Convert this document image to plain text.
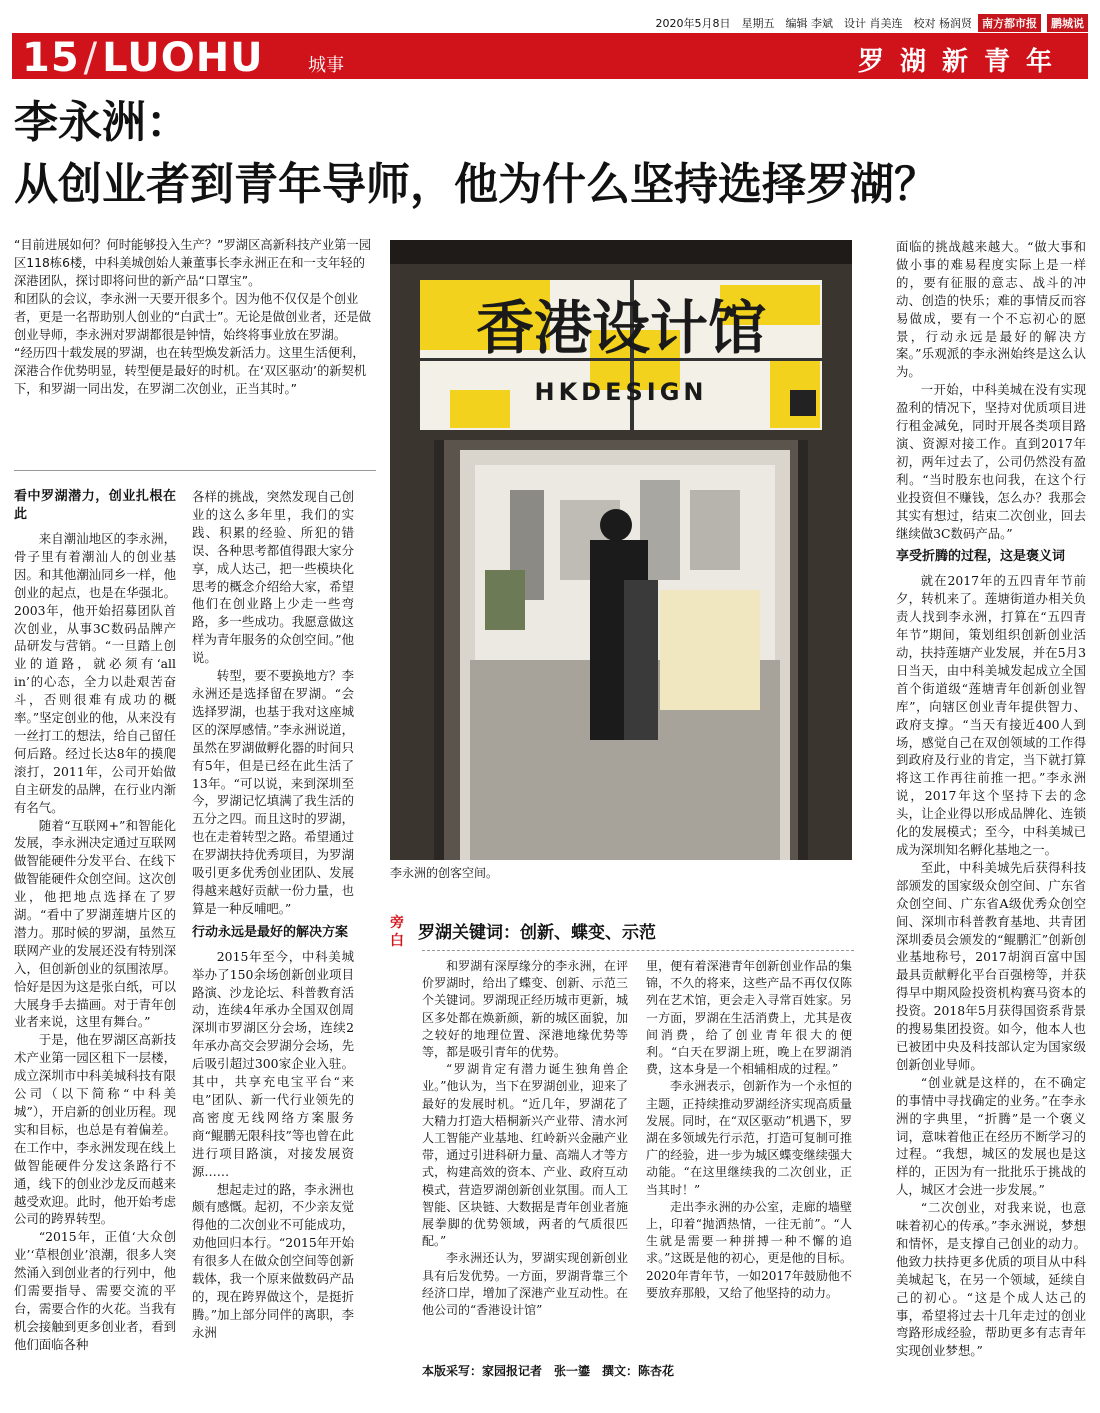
2020年5月8日　星期五　编辑 李斌　设计 肖美连　校对 杨润贤 南方都市报	鹏城说
15 / LUOHU 城事	罗湖新青年
李永洲：
从创业者到青年导师，他为什么坚持选择罗湖？

“目前进展如何？何时能够投入生产？”罗湖区高新科技产业第一园区118栋6楼，中科美城创始人兼董事长李永洲正在和一支年轻的深港团队，探讨即将问世的新产品“口罩宝”。

和团队的会议，李永洲一天要开很多个。因为他不仅仅是个创业者，更是一名帮助别人创业的“白武士”。无论是做创业者，还是做创业导师，李永洲对罗湖都很是钟情，始终将事业放在罗湖。

“经历四十载发展的罗湖，也在转型焕发新活力。这里生活便利，深港合作优势明显，转型便是最好的时机。在‘双区驱动’的新契机下，和罗湖一同出发，在罗湖二次创业，正当其时。”

看中罗湖潜力，创业扎根在此

来自潮汕地区的李永洲，骨子里有着潮汕人的创业基因。和其他潮汕同乡一样，他创业的起点，也是在华强北。2003年，他开始招募团队首次创业，从事3C数码品牌产品研发与营销。“一旦踏上创业的道路，就必须有‘all in’的心态，全力以赴艰苦奋斗，否则很难有成功的概率。”坚定创业的他，从来没有一丝打工的想法，给自己留任何后路。经过长达8年的摸爬滚打，2011年，公司开始做自主研发的品牌，在行业内渐有名气。

随着“互联网+”和智能化发展，李永洲决定通过互联网做智能硬件分发平台、在线下做智能硬件众创空间。这次创业，他把地点选择在了罗湖。“看中了罗湖莲塘片区的潜力。那时候的罗湖，虽然互联网产业的发展还没有特别深入，但创新创业的氛围浓厚。恰好是因为这是张白纸，可以大展身手去描画。对于青年创业者来说，这里有舞台。”

于是，他在罗湖区高新技术产业第一园区租下一层楼，成立深圳市中科美城科技有限公司（以下简称“中科美城”），开启新的创业历程。现实和目标，也总是有着偏差。在工作中，李永洲发现在线上做智能硬件分发这条路行不通，线下的创业沙龙反而越来越受欢迎。此时，他开始考虑公司的跨界转型。

“2015年，正值‘大众创业’‘草根创业’浪潮，很多人突然涌入到创业者的行列中，他们需要指导、需要交流的平台，需要合作的火花。当我有机会接触到更多创业者，看到他们面临各种

各样的挑战，突然发现自己创业的这么多年里，我们的实践、积累的经验、所犯的错误、各种思考都值得跟大家分享，成人达己，把一些模块化思考的概念介绍给大家，希望他们在创业路上少走一些弯路，多一些成功。我愿意做这样为青年服务的众创空间。”他说。

转型，要不要换地方？李永洲还是选择留在罗湖。“会选择罗湖，也基于我对这座城区的深厚感情。”李永洲说道，虽然在罗湖做孵化器的时间只有5年，但是已经在此生活了13年。“可以说，来到深圳至今，罗湖记忆填满了我生活的五分之四。而且这时的罗湖，也在走着转型之路。希望通过在罗湖扶持优秀项目，为罗湖吸引更多优秀创业团队、发展得越来越好贡献一份力量，也算是一种反哺吧。”

行动永远是最好的解决方案

2015年至今，中科美城举办了150余场创新创业项目路演、沙龙论坛、科普教育活动，连续4年承办全国双创周深圳市罗湖区分会场，连续2年承办高交会罗湖分会场，先后吸引超过300家企业入驻。其中，共享充电宝平台“来电”团队、新一代行业领先的高密度无线网络方案服务商“鲲鹏无限科技”等也曾在此进行项目路演，对接发展资源……

想起走过的路，李永洲也颇有感慨。起初，不少亲友觉得他的二次创业不可能成功，劝他回归本行。“2015年开始有很多人在做众创空间等创新载体，我一个原来做数码产品的，现在跨界做这个，是挺折腾。”加上部分同伴的离职，李永洲

香港设计馆
HKDESIGN
李永洲的创客空间。

面临的挑战越来越大。“做大事和做小事的难易程度实际上是一样的，要有征服的意志、战斗的冲动、创造的快乐；难的事情反而容易做成，要有一个不忘初心的愿景，行动永远是最好的解决方案。”乐观派的李永洲始终是这么认为。

一开始，中科美城在没有实现盈利的情况下，坚持对优质项目进行租金减免，同时开展各类项目路演、资源对接工作。直到2017年初，两年过去了，公司仍然没有盈利。“当时股东也问我，在这个行业投资但不赚钱，怎么办？我那会其实有想过，结束二次创业，回去继续做3C数码产品。”

享受折腾的过程，这是褒义词

就在2017年的五四青年节前夕，转机来了。莲塘街道办相关负责人找到李永洲，打算在“五四青年节”期间，策划组织创新创业活动，扶持莲塘产业发展，并在5月3日当天，由中科美城发起成立全国首个街道级“莲塘青年创新创业智库”，向辖区创业青年提供智力、政府支撑。“当天有接近400人到场，感觉自己在双创领域的工作得到政府及行业的肯定，当下就打算将这工作再往前推一把。”李永洲说，2017年这个坚持下去的念头，让企业得以形成品牌化、连锁化的发展模式；至今，中科美城已成为深圳知名孵化基地之一。

至此，中科美城先后获得科技部颁发的国家级众创空间、广东省众创空间、广东省A级优秀众创空间、深圳市科普教育基地、共青团深圳委员会颁发的“鲲鹏汇”创新创业基地称号，2017胡润百富中国最具贡献孵化平台百强榜等，并获得早中期风险投资机构赛马资本的投资。2018年5月获得国资系背景的搜易集团投资。如今，他本人也已被团中央及科技部认定为国家级创新创业导师。

“创业就是这样的，在不确定的事情中寻找确定的业务。”在李永洲的字典里，“折腾”是一个褒义词，意味着他正在经历不断学习的过程。“我想，城区的发展也是这样的，正因为有一批批乐于挑战的人，城区才会进一步发展。”

“二次创业，对我来说，也意味着初心的传承。”李永洲说，梦想和情怀，是支撑自己创业的动力。他致力扶持更多优质的项目从中科美城起飞，在另一个领域，延续自己的初心。“这是个成人达己的事，希望将过去十几年走过的创业弯路形成经验，帮助更多有志青年实现创业梦想。”

旁白 罗湖关键词：创新、蝶变、示范

和罗湖有深厚缘分的李永洲，在评价罗湖时，给出了蝶变、创新、示范三个关键词。罗湖现正经历城市更新，城区多处都在焕新颜，新的城区面貌，加之较好的地理位置、深港地缘优势等等，都是吸引青年的优势。

“罗湖肯定有潜力诞生独角兽企业。”他认为，当下在罗湖创业，迎来了最好的发展时机。“近几年，罗湖花了大精力打造大梧桐新兴产业带、清水河人工智能产业基地、红岭新兴金融产业带，通过引进科研力量、高端人才等方式，构建高效的资本、产业、政府互动模式，营造罗湖创新创业氛围。而人工智能、区块链、大数据是青年创业者施展拳脚的优势领域，两者的气质很匹配。”

李永洲还认为，罗湖实现创新创业具有后发优势。一方面，罗湖背靠三个经济口岸，增加了深港产业互动性。在他公司的“香港设计馆”

里，便有着深港青年创新创业作品的集锦，不久的将来，这些产品不再仅仅陈列在艺术馆，更会走入寻常百姓家。另一方面，罗湖在生活消费上，尤其是夜间消费，给了创业青年很大的便利。“白天在罗湖上班，晚上在罗湖消费，这本身是一个相辅相成的过程。”

李永洲表示，创新作为一个永恒的主题，正持续推动罗湖经济实现高质量发展。同时，在“双区驱动”机遇下，罗湖在多领域先行示范，打造可复制可推广的经验，进一步为城区蝶变继续强大动能。“在这里继续我的二次创业，正当其时！”

走出李永洲的办公室，走廊的墙壁上，印着“抛洒热情，一往无前”。“人生就是需要一种拼搏一种不懈的追求。”这既是他的初心，更是他的目标。2020年青年节，一如2017年鼓励他不要放弃那般，又给了他坚持的动力。

本版采写：家园报记者　张一鎏　撰文：陈杏花
